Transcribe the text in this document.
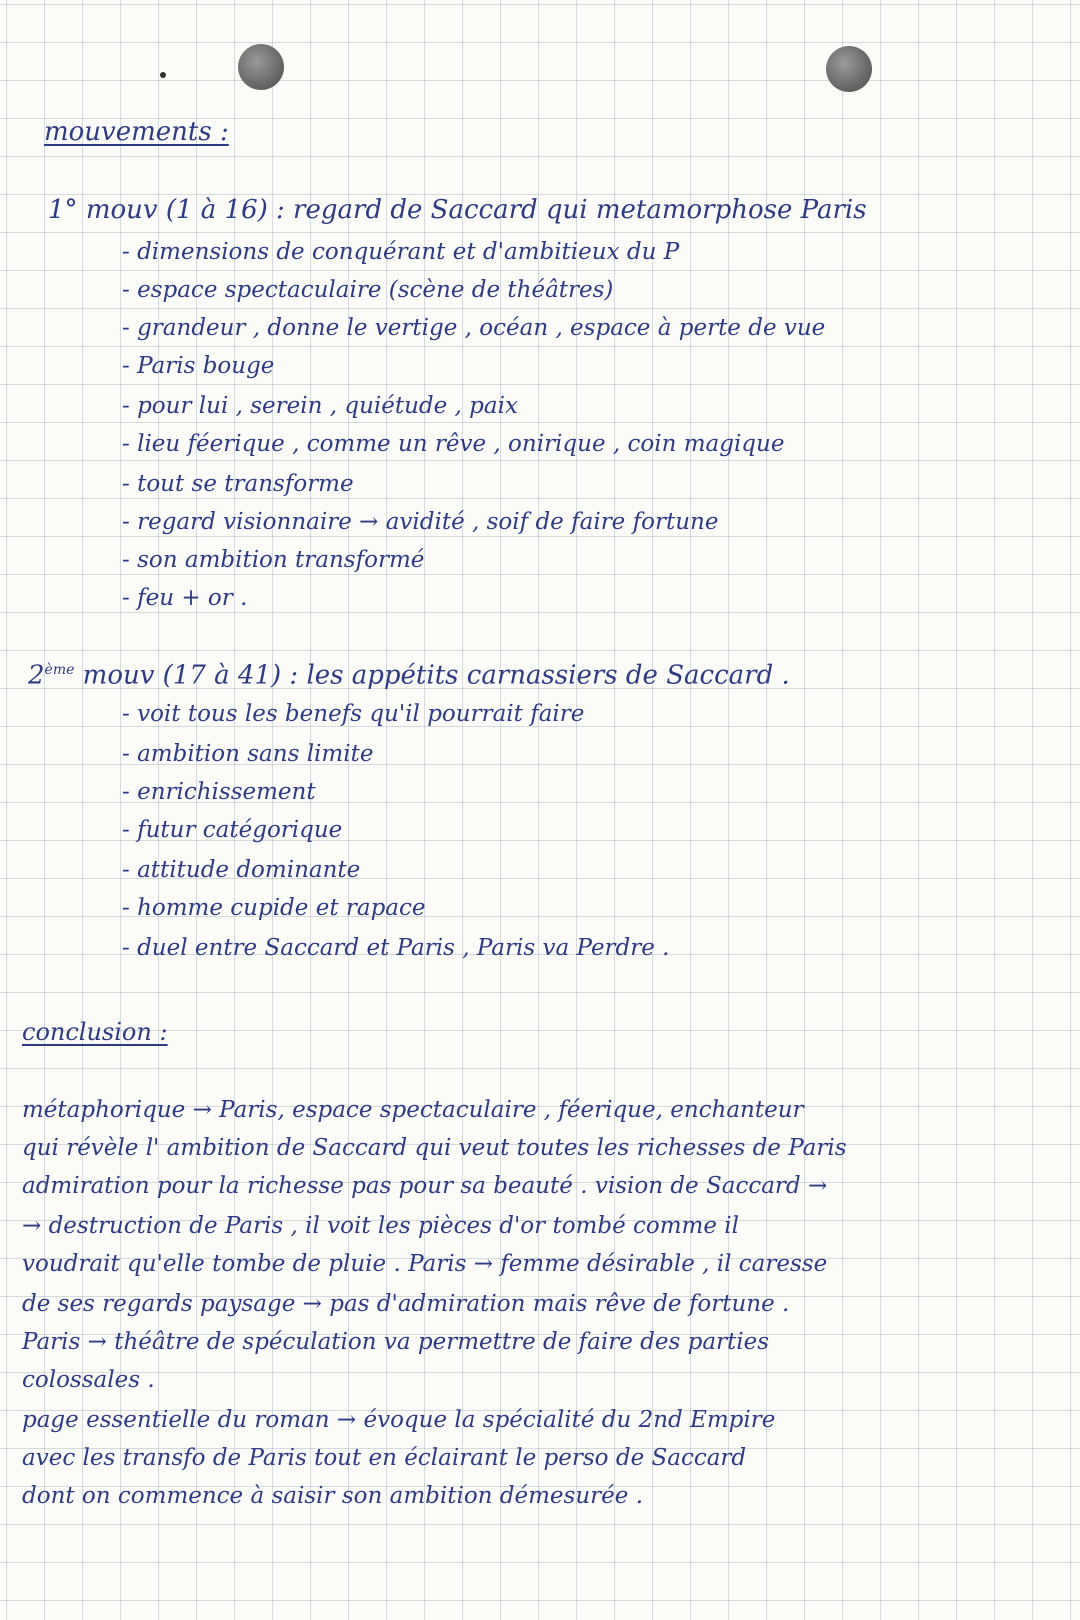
mouvements :
1° mouv (1 à 16) : regard de Saccard qui metamorphose Paris
- dimensions de conquérant et d'ambitieux du P
- espace spectaculaire (scène de théâtres)
- grandeur , donne le vertige , océan , espace à perte de vue
- Paris bouge
- pour lui , serein , quiétude , paix
- lieu féerique , comme un rêve , onirique , coin magique
- tout se transforme
- regard visionnaire → avidité , soif de faire fortune
- son ambition transformé
- feu + or .
2ème mouv (17 à 41) : les appétits carnassiers de Saccard .
- voit tous les benefs qu'il pourrait faire
- ambition sans limite
- enrichissement
- futur catégorique
- attitude dominante
- homme cupide et rapace
- duel entre Saccard et Paris , Paris va Perdre .
conclusion :
métaphorique → Paris, espace spectaculaire , féerique, enchanteur
qui révèle l' ambition de Saccard qui veut toutes les richesses de Paris
admiration pour la richesse pas pour sa beauté . vision de Saccard →
→ destruction de Paris , il voit les pièces d'or tombé comme il
voudrait qu'elle tombe de pluie . Paris → femme désirable , il caresse
de ses regards paysage → pas d'admiration mais rêve de fortune .
Paris → théâtre de spéculation va permettre de faire des parties
colossales .
page essentielle du roman → évoque la spécialité du 2nd Empire
avec les transfo de Paris tout en éclairant le perso de Saccard
dont on commence à saisir son ambition démesurée .
